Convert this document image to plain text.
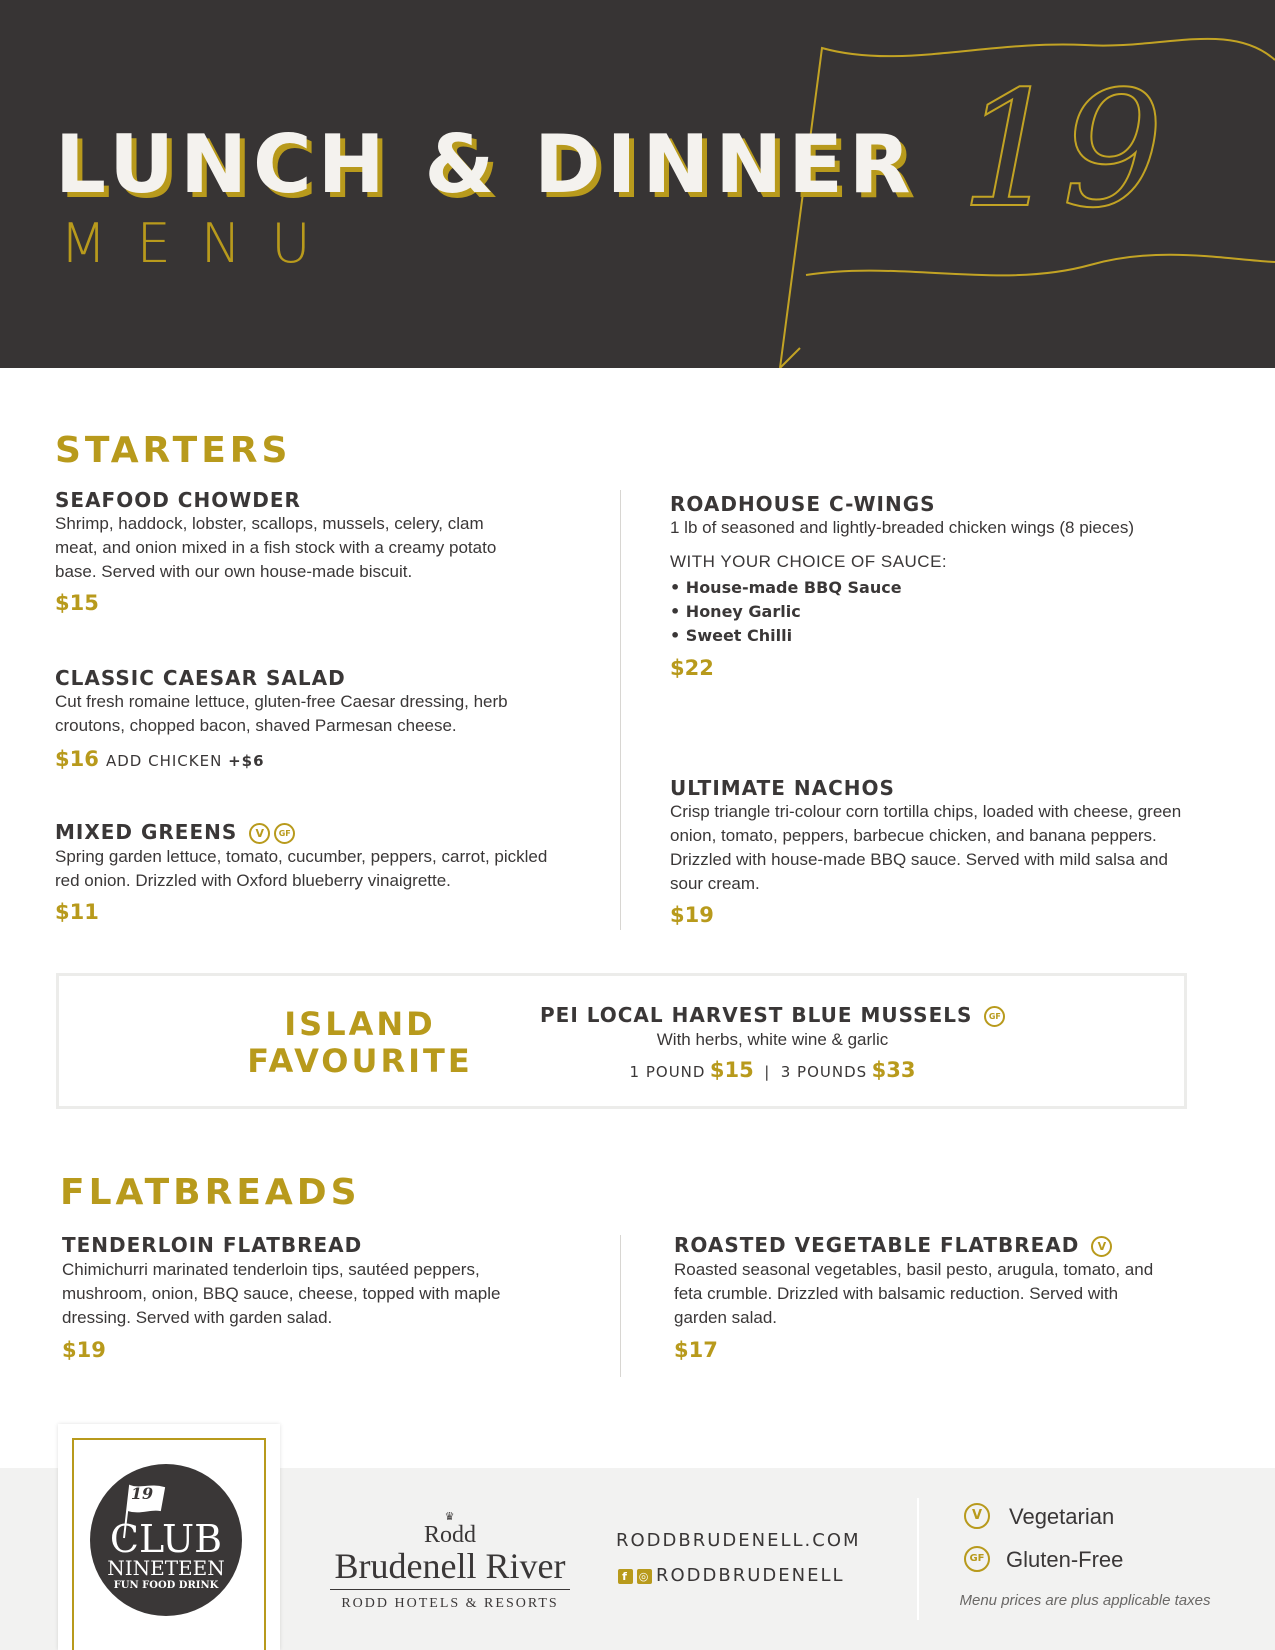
19
LUNCH & DINNER
MENU
STARTERS
SEAFOOD CHOWDER
Shrimp, haddock, lobster, scallops, mussels, celery, clam meat, and onion mixed in a fish stock with a creamy potato base. Served with our own house-made biscuit.
$15
CLASSIC CAESAR SALAD
Cut fresh romaine lettuce, gluten-free Caesar dressing, herb croutons, chopped bacon, shaved Parmesan cheese.
$16 ADD CHICKEN +$6
MIXED GREENS V GF
Spring garden lettuce, tomato, cucumber, peppers, carrot, pickled red onion. Drizzled with Oxford blueberry vinaigrette.
$11
ROADHOUSE C-WINGS
1 lb of seasoned and lightly-breaded chicken wings (8 pieces)
WITH YOUR CHOICE OF SAUCE:
• House-made BBQ Sauce
• Honey Garlic
• Sweet Chilli
$22
ULTIMATE NACHOS
Crisp triangle tri-colour corn tortilla chips, loaded with cheese, green onion, tomato, peppers, barbecue chicken, and banana peppers. Drizzled with house-made BBQ sauce. Served with mild salsa and sour cream.
$19
ISLAND
FAVOURITE
PEI LOCAL HARVEST BLUE MUSSELS GF
With herbs, white wine & garlic
1 POUND $15 | 3 POUNDS $33
FLATBREADS
TENDERLOIN FLATBREAD
Chimichurri marinated tenderloin tips, sautéed peppers, mushroom, onion, BBQ sauce, cheese, topped with maple dressing. Served with garden salad.
$19
ROASTED VEGETABLE FLATBREAD V
Roasted seasonal vegetables, basil pesto, arugula, tomato, and feta crumble. Drizzled with balsamic reduction. Served with garden salad.
$17
19
CLUB
NINETEEN
FUN FOOD DRINK
♛
Rodd
Brudenell River
RODD HOTELS & RESORTS
RODDBRUDENELL.COM
f ◎ RODDBRUDENELL
V	Vegetarian
GF Gluten-Free
Menu prices are plus applicable taxes
